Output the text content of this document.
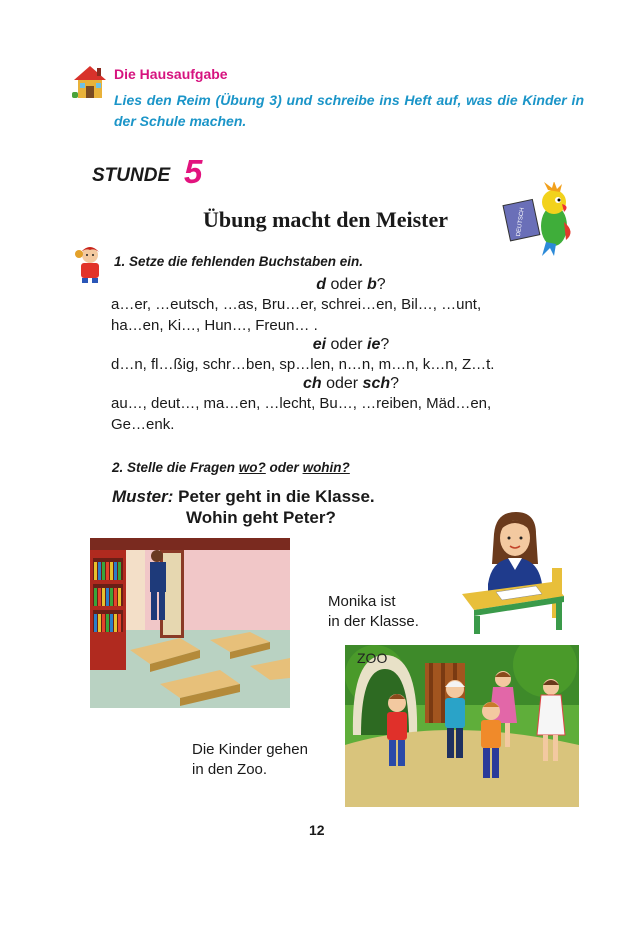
Die Hausaufgabe
Lies den Reim (Übung 3) und schreibe ins Heft auf, was die Kinder in der Schule machen.
STUNDE 5
Übung macht den Meister	DEUTSCH
1. Setze die fehlenden Buchstaben ein.
d oder b?
a…er, …eutsch, …as, Bru…er, schrei…en, Bil…, …unt,
ha…en, Ki…, Hun…, Freun… .
ei oder ie?
d…n, fl…ßig, schr…ben, sp…len, n…n, m…n, k…n, Z…t.
ch oder sch?
au…, deut…, ma…en, …lecht, Bu…, …reiben, Mäd…en,
Ge…enk.
2. Stelle die Fragen wo? oder wohin?
Muster: Peter geht in die Klasse.
Wohin geht Peter?
Monika ist
in der Klasse.
ZOO
Die Kinder gehen
in den Zoo.
12
